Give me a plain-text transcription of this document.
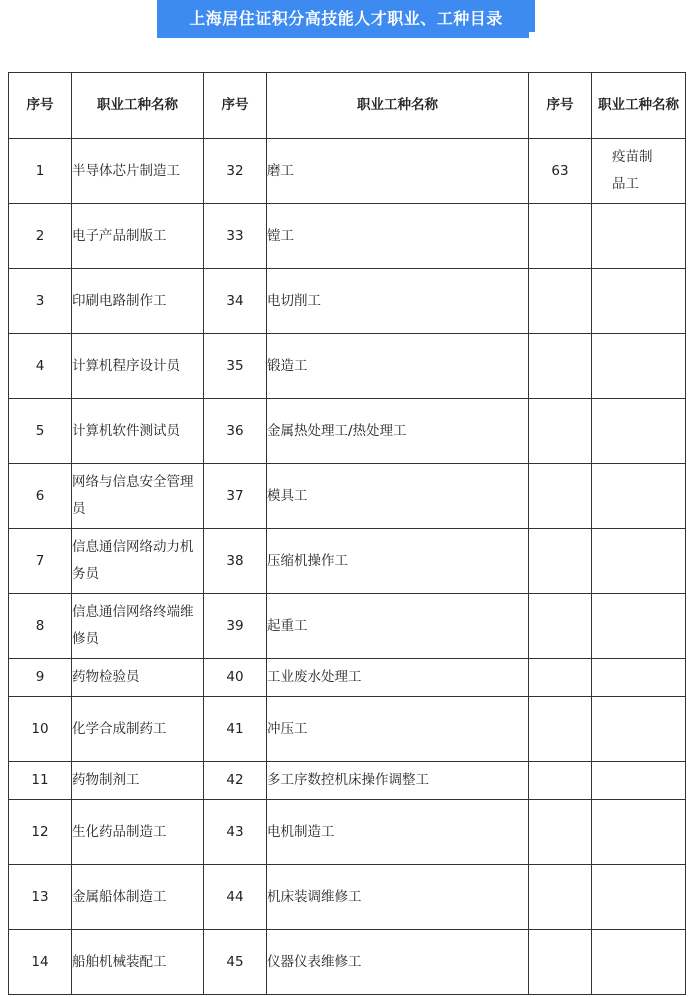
上海居住证积分高技能人才职业、工种目录
序号	职业工种名称	序号	职业工种名称	序号	职业工种名称
1	半导体芯片制造工	32	磨工	63	疫苗制品工
2	电子产品制版工	33	镗工		
3	印刷电路制作工	34	电切削工		
4	计算机程序设计员	35	锻造工		
5	计算机软件测试员	36	金属热处理工/热处理工		
6	网络与信息安全管理员	37	模具工		
7	信息通信网络动力机务员	38	压缩机操作工		
8	信息通信网络终端维修员	39	起重工		
9	药物检验员	40	工业废水处理工		
10	化学合成制药工	41	冲压工		
11	药物制剂工	42	多工序数控机床操作调整工		
12	生化药品制造工	43	电机制造工		
13	金属船体制造工	44	机床装调维修工		
14	船舶机械装配工	45	仪器仪表维修工		
